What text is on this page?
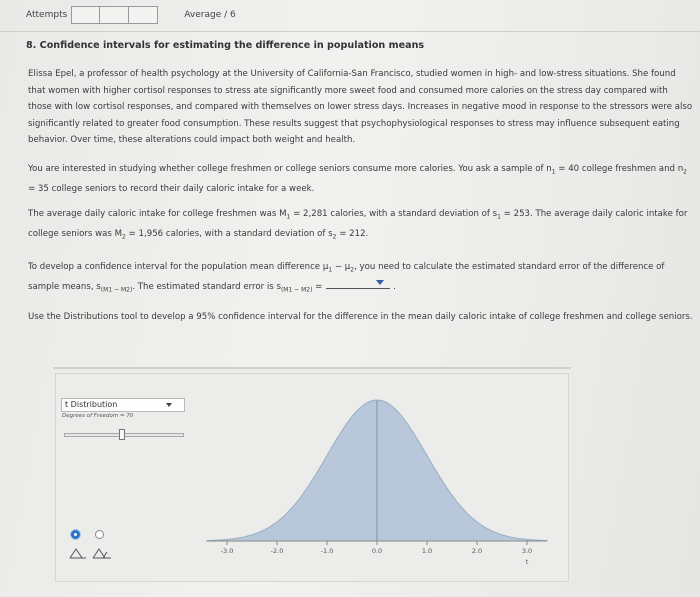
Attempts	Average / 6
8. Confidence intervals for estimating the difference in population means
Elissa Epel, a professor of health psychology at the University of California-San Francisco, studied women in high- and low-stress situations. She found that women with higher cortisol responses to stress ate significantly more sweet food and consumed more calories on the stress day compared with those with low cortisol responses, and compared with themselves on lower stress days. Increases in negative mood in response to the stressors were also significantly related to greater food consumption. These results suggest that psychophysiological responses to stress may influence subsequent eating behavior. Over time, these alterations could impact both weight and health.
You are interested in studying whether college freshmen or college seniors consume more calories. You ask a sample of $n_1 = 40$ college freshmen and $n_2 = 35$ college seniors to record their daily caloric intake for a week.
The average daily caloric intake for college freshmen was $M_1 = 2,281$ calories, with a standard deviation of $s_1 = 253$. The average daily caloric intake for college seniors was $M_2 = 1,956$ calories, with a standard deviation of $s_2 = 212$.
To develop a confidence interval for the population mean difference $\mu_1 - \mu_2$, you need to calculate the estimated standard error of the difference of sample means, $s_{(M1 - M2)}$. The estimated standard error is $s_{(M1 - M2)}$ =	.
Use the Distributions tool to develop a 95% confidence interval for the difference in the mean daily caloric intake of college freshmen and college seniors.
t Distribution
Degrees of Freedom = 70
-3.0	-2.0	-1.0	0.0	1.0	2.0	3.0
t
